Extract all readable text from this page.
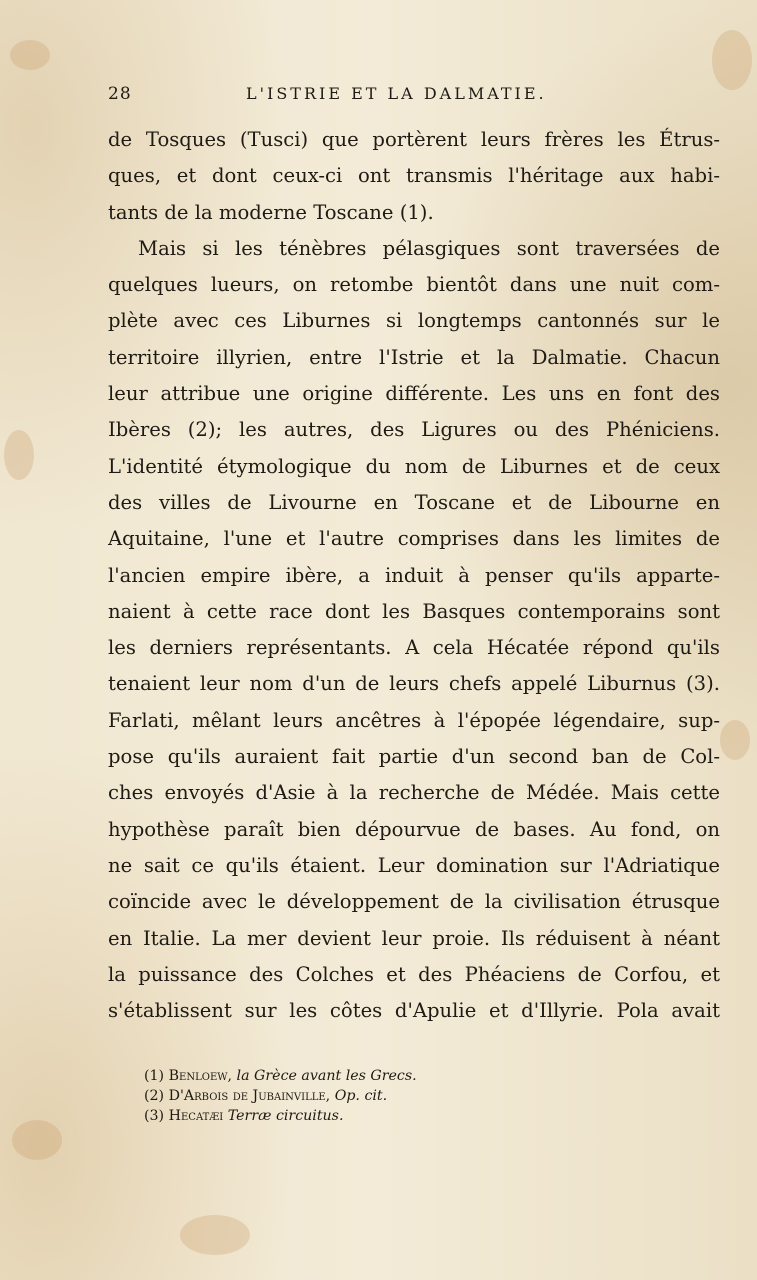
28	L'ISTRIE ET LA DALMATIE.
de Tosques (Tusci) que portèrent leurs frères les Étrus-
ques, et dont ceux-ci ont transmis l'héritage aux habi-
tants de la moderne Toscane (1).
Mais si les ténèbres pélasgiques sont traversées de
quelques lueurs, on retombe bientôt dans une nuit com-
plète avec ces Liburnes si longtemps cantonnés sur le
territoire illyrien, entre l'Istrie et la Dalmatie. Chacun
leur attribue une origine différente. Les uns en font des
Ibères (2); les autres, des Ligures ou des Phéniciens.
L'identité étymologique du nom de Liburnes et de ceux
des villes de Livourne en Toscane et de Libourne en
Aquitaine, l'une et l'autre comprises dans les limites de
l'ancien empire ibère, a induit à penser qu'ils apparte-
naient à cette race dont les Basques contemporains sont
les derniers représentants. A cela Hécatée répond qu'ils
tenaient leur nom d'un de leurs chefs appelé Liburnus (3).
Farlati, mêlant leurs ancêtres à l'épopée légendaire, sup-
pose qu'ils auraient fait partie d'un second ban de Col-
ches envoyés d'Asie à la recherche de Médée. Mais cette
hypothèse paraît bien dépourvue de bases. Au fond, on
ne sait ce qu'ils étaient. Leur domination sur l'Adriatique
coïncide avec le développement de la civilisation étrusque
en Italie. La mer devient leur proie. Ils réduisent à néant
la puissance des Colches et des Phéaciens de Corfou, et
s'établissent sur les côtes d'Apulie et d'Illyrie. Pola avait
(1) Benloew, la Grèce avant les Grecs.
(2) D'Arbois de Jubainville, Op. cit.
(3) Hecatæi Terræ circuitus.
